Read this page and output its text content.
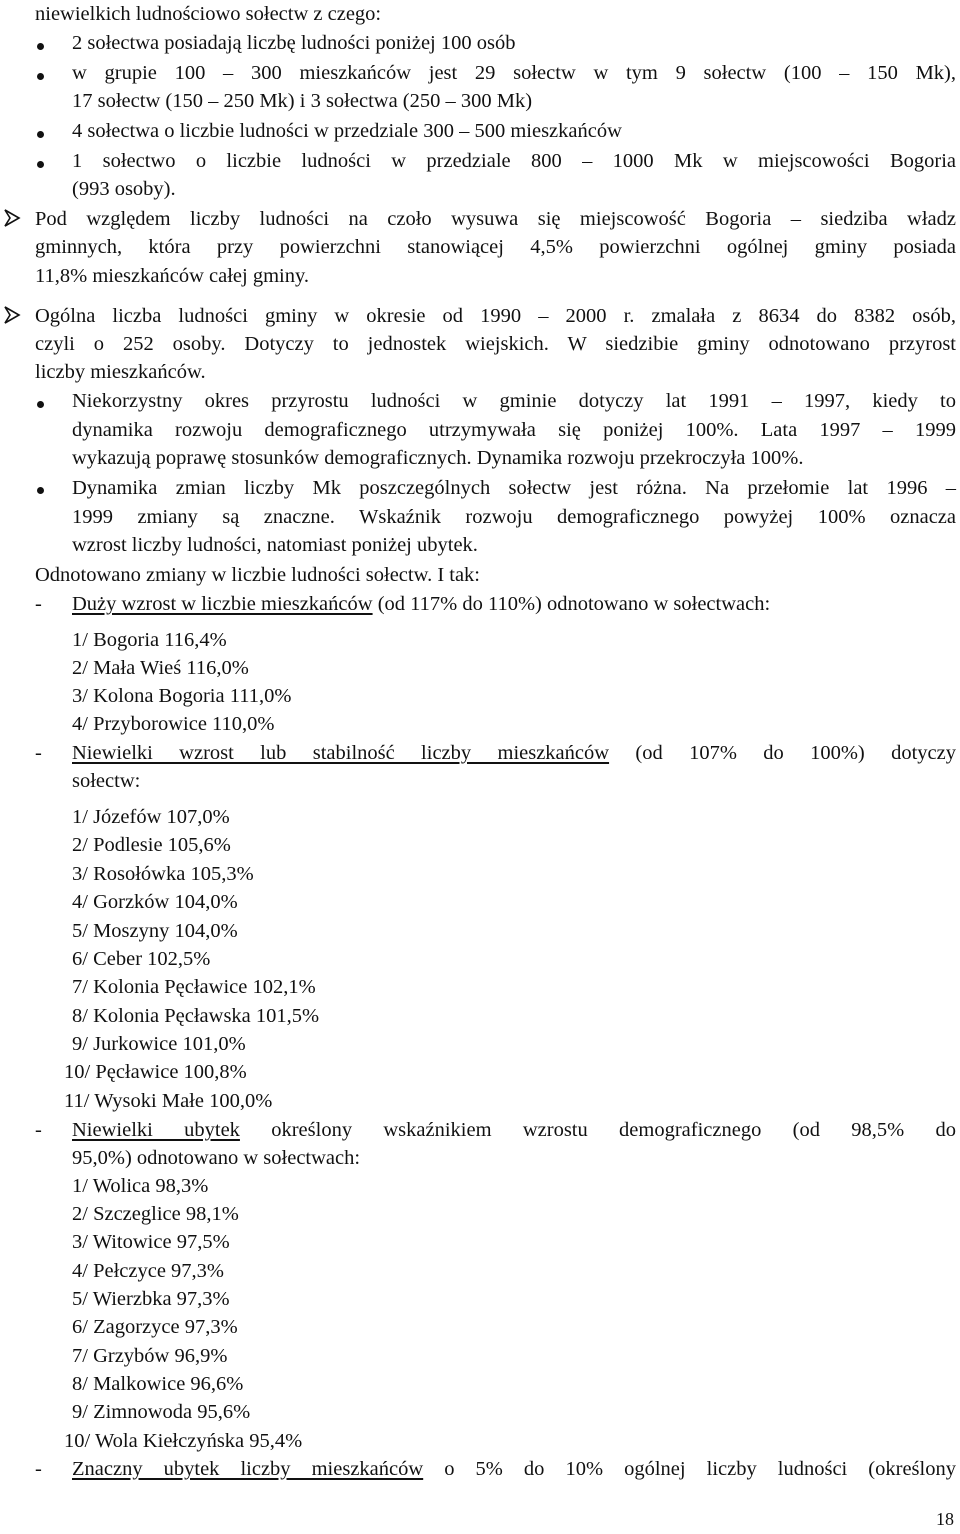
niewielkich ludnościowo sołectw z czego:
2 sołectwa posiadają liczbę ludności poniżej 100 osób
w grupie 100 – 300 mieszkańców jest 29 sołectw w tym 9 sołectw (100 – 150 Mk),
17 sołectw (150 – 250 Mk) i 3 sołectwa (250 – 300 Mk)
4 sołectwa o liczbie ludności w przedziale 300 – 500 mieszkańców
1 sołectwo o liczbie ludności w przedziale 800 – 1000 Mk w miejscowości Bogoria
(993 osoby).
Pod względem liczby ludności na czoło wysuwa się miejscowość Bogoria – siedziba władz
gminnych, która przy powierzchni stanowiącej 4,5% powierzchni ogólnej gminy posiada
11,8% mieszkańców całej gminy.
Ogólna liczba ludności gminy w okresie od 1990 – 2000 r. zmalała z 8634 do 8382 osób,
czyli o 252 osoby. Dotyczy to jednostek wiejskich. W siedzibie gminy odnotowano przyrost
liczby mieszkańców.
Niekorzystny okres przyrostu ludności w gminie dotyczy lat 1991 – 1997, kiedy to
dynamika rozwoju demograficznego utrzymywała się poniżej 100%. Lata 1997 – 1999
wykazują poprawę stosunków demograficznych. Dynamika rozwoju przekroczyła 100%.
Dynamika zmian liczby Mk poszczególnych sołectw jest różna. Na przełomie lat 1996 –
1999 zmiany są znaczne. Wskaźnik rozwoju demograficznego powyżej 100% oznacza
wzrost liczby ludności, natomiast poniżej ubytek.
Odnotowano zmiany w liczbie ludności sołectw. I tak:
- Duży wzrost w liczbie mieszkańców (od 117% do 110%) odnotowano w sołectwach:
1/ Bogoria 116,4%
2/ Mała Wieś 116,0%
3/ Kolona Bogoria 111,0%
4/ Przyborowice 110,0%
- Niewielki wzrost lub stabilność liczby mieszkańców (od 107% do 100%) dotyczy
sołectw:
1/ Józefów 107,0%
2/ Podlesie 105,6%
3/ Rosołówka 105,3%
4/ Gorzków 104,0%
5/ Moszyny 104,0%
6/ Ceber 102,5%
7/ Kolonia Pęcławice 102,1%
8/ Kolonia Pęcławska 101,5%
9/ Jurkowice 101,0%
10/ Pęcławice 100,8%
11/ Wysoki Małe 100,0%
- Niewielki ubytek określony wskaźnikiem wzrostu demograficznego (od 98,5% do
95,0%) odnotowano w sołectwach:
1/ Wolica 98,3%
2/ Szczeglice 98,1%
3/ Witowice 97,5%
4/ Pełczyce 97,3%
5/ Wierzbka 97,3%
6/ Zagorzyce 97,3%
7/ Grzybów 96,9%
8/ Malkowice 96,6%
9/ Zimnowoda 95,6%
10/ Wola Kiełczyńska 95,4%
- Znaczny ubytek liczby mieszkańców o 5% do 10% ogólnej liczby ludności (określony
18
